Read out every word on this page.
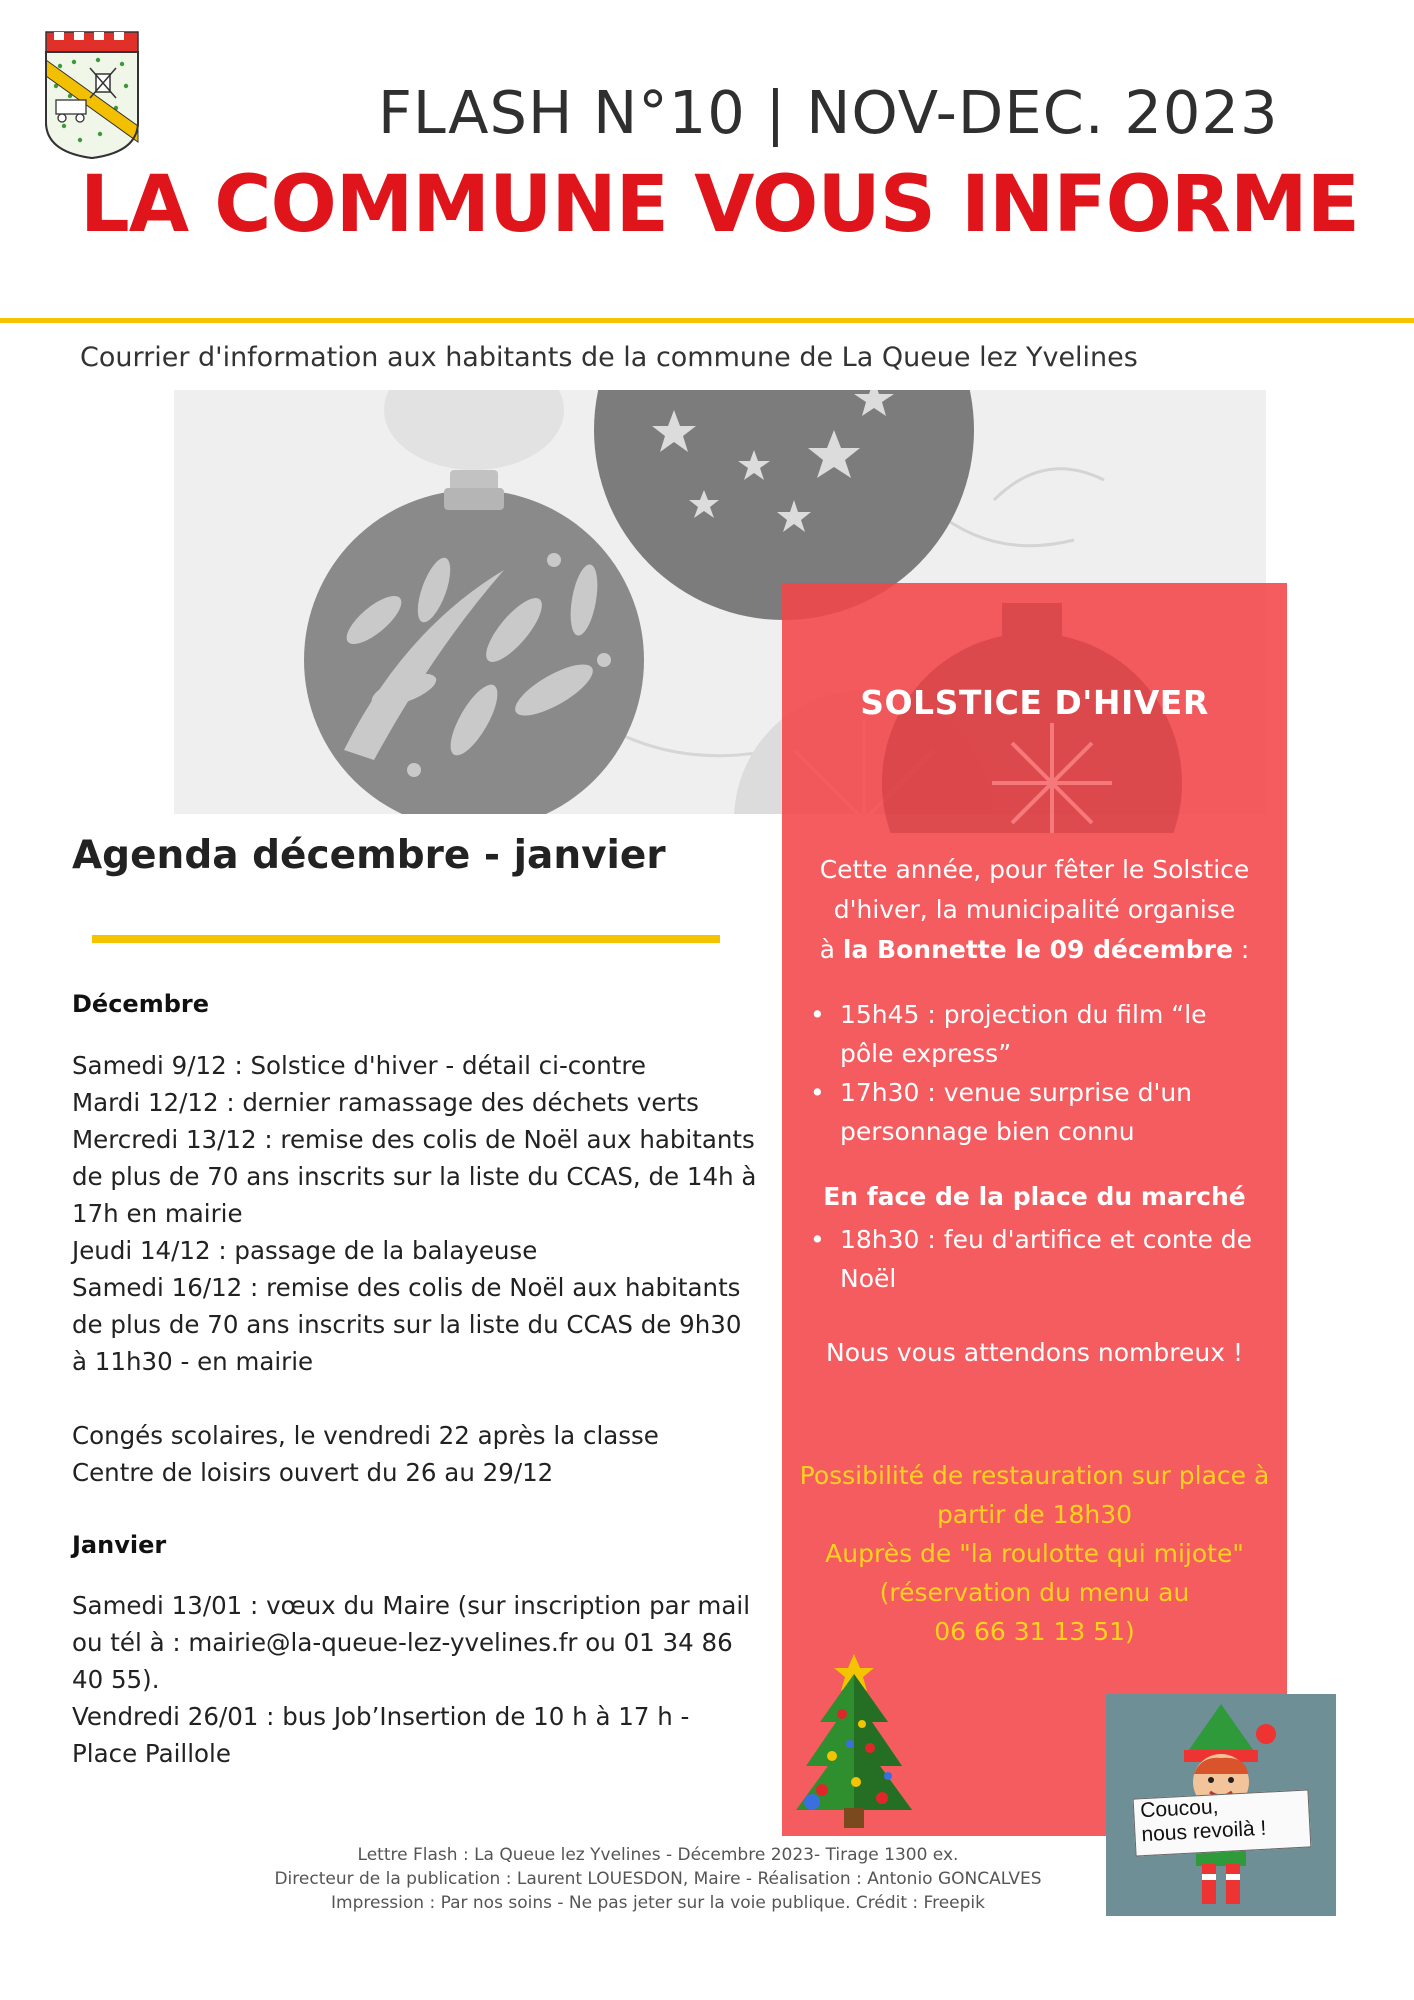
FLASH N°10 | NOV-DEC. 2023
LA COMMUNE VOUS INFORME
Courrier d'information aux habitants de la commune de La Queue lez Yvelines
SOLSTICE D'HIVER
Cette année, pour fêter le Solstice
d'hiver, la municipalité organise
à la Bonnette le 09 décembre :
• 15h45 : projection du film “le pôle express”
• 17h30 : venue surprise d'un personnage bien connu
En face de la place du marché
• 18h30 : feu d'artifice et conte de Noël
Nous vous attendons nombreux !
Possibilité de restauration sur place à
partir de 18h30
Auprès de "la roulotte qui mijote"
(réservation du menu au
06 66 31 13 51)
Agenda décembre - janvier
Décembre
Samedi 9/12 : Solstice d'hiver - détail ci-contre
Mardi 12/12 : dernier ramassage des déchets verts
Mercredi 13/12 : remise des colis de Noël aux habitants de plus de 70 ans inscrits sur la liste du CCAS, de 14h à 17h en mairie
Jeudi 14/12 : passage de la balayeuse
Samedi 16/12 : remise des colis de Noël aux habitants de plus de 70 ans inscrits sur la liste du CCAS de 9h30 à 11h30 - en mairie
Congés scolaires, le vendredi 22 après la classe
Centre de loisirs ouvert du 26 au 29/12
Janvier
Samedi 13/01 : vœux du Maire (sur inscription par mail ou tél à : mairie@la-queue-lez-yvelines.fr ou 01 34 86 40 55).
Vendredi 26/01 : bus Job’Insertion de 10 h à 17 h - Place Paillole
Coucou,
nous revoilà !
Lettre Flash : La Queue lez Yvelines - Décembre 2023- Tirage 1300 ex.
Directeur de la publication : Laurent LOUESDON, Maire - Réalisation : Antonio GONCALVES
Impression : Par nos soins - Ne pas jeter sur la voie publique. Crédit : Freepik
